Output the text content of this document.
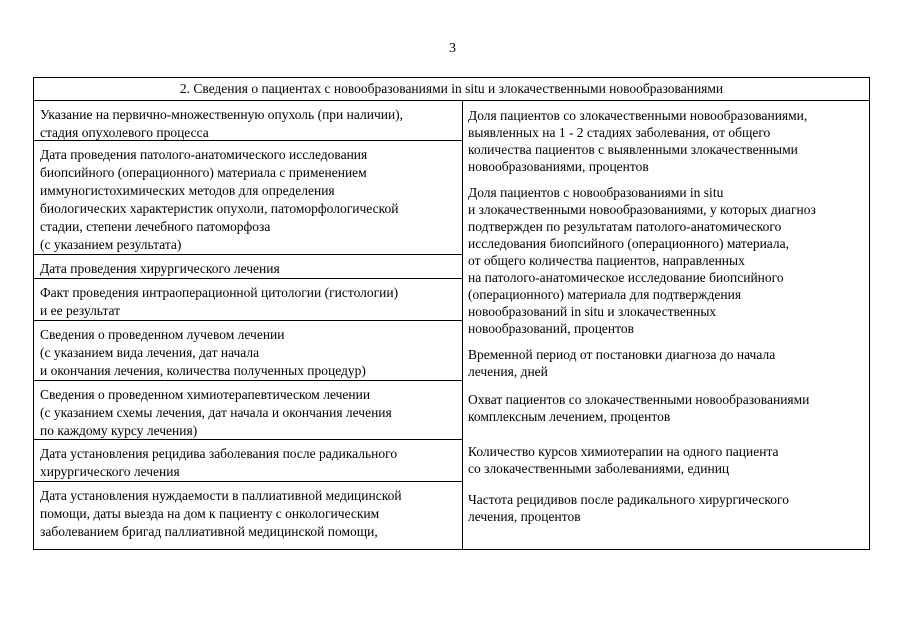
3
2. Сведения о пациентах с новообразованиями in situ и злокачественными новообразованиями
Указание на первично-множественную опухоль (при наличии),
стадия опухолевого процесса
Дата проведения патолого-анатомического исследования
биопсийного (операционного) материала с применением
иммуногистохимических методов для определения
биологических характеристик опухоли, патоморфологической
стадии, степени лечебного патоморфоза
(с указанием результата)
Дата проведения хирургического лечения
Факт проведения интраоперационной цитологии (гистологии)
и ее результат
Сведения о проведенном лучевом лечении
(с указанием вида лечения, дат начала
и окончания лечения, количества полученных процедур)
Сведения о проведенном химиотерапевтическом лечении
(с указанием схемы лечения, дат начала и окончания лечения
по каждому курсу лечения)
Дата установления рецидива заболевания после радикального
хирургического лечения
Дата установления нуждаемости в паллиативной медицинской
помощи, даты выезда на дом к пациенту с онкологическим
заболеванием бригад паллиативной медицинской помощи,
Доля пациентов со злокачественными новообразованиями,
выявленных на 1 - 2 стадиях заболевания, от общего
количества пациентов с выявленными злокачественными
новообразованиями, процентов
Доля пациентов с новообразованиями in situ
и злокачественными новообразованиями, у которых диагноз
подтвержден по результатам патолого-анатомического
исследования биопсийного (операционного) материала,
от общего количества пациентов, направленных
на патолого-анатомическое исследование биопсийного
(операционного) материала для подтверждения
новообразований in situ и злокачественных
новообразований, процентов
Временной период от постановки диагноза до начала
лечения, дней
Охват пациентов со злокачественными новообразованиями
комплексным лечением, процентов
Количество курсов химиотерапии на одного пациента
со злокачественными заболеваниями, единиц
Частота рецидивов после радикального хирургического
лечения, процентов
